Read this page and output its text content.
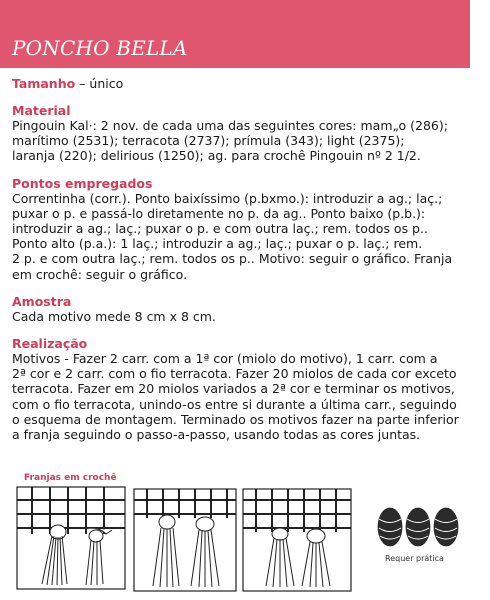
PONCHO BELLA
Tamanho – único

Material

Pingouin Kal·: 2 nov. de cada uma das seguintes cores: mam„o (286);

marítimo (2531); terracota (2737); prímula (343); light (2375);

laranja (220); delirious (1250); ag. para crochê Pingouin nº 2 1/2.

Pontos empregados

Correntinha (corr.). Ponto baixíssimo (p.bxmo.): introduzir a ag.; laç.;

puxar o p. e passá-lo diretamente no p. da ag.. Ponto baixo (p.b.):

introduzir a ag.; laç.; puxar o p. e com outra laç.; rem. todos os p..

Ponto alto (p.a.): 1 laç.; introduzir a ag.; laç.; puxar o p. laç.; rem.

2 p. e com outra laç.; rem. todos os p.. Motivo: seguir o gráfico. Franja

em crochê: seguir o gráfico.

Amostra

Cada motivo mede 8 cm x 8 cm.

Realização

Motivos - Fazer 2 carr. com a 1ª cor (miolo do motivo), 1 carr. com a

2ª cor e 2 carr. com o fio terracota. Fazer 20 miolos de cada cor exceto

terracota. Fazer em 20 miolos variados a 2ª cor e terminar os motivos,

com o fio terracota, unindo-os entre si durante a última carr., seguindo

o esquema de montagem. Terminado os motivos fazer na parte inferior

a franja seguindo o passo-a-passo, usando todas as cores juntas.

Franjas em crochê

Requer prática
